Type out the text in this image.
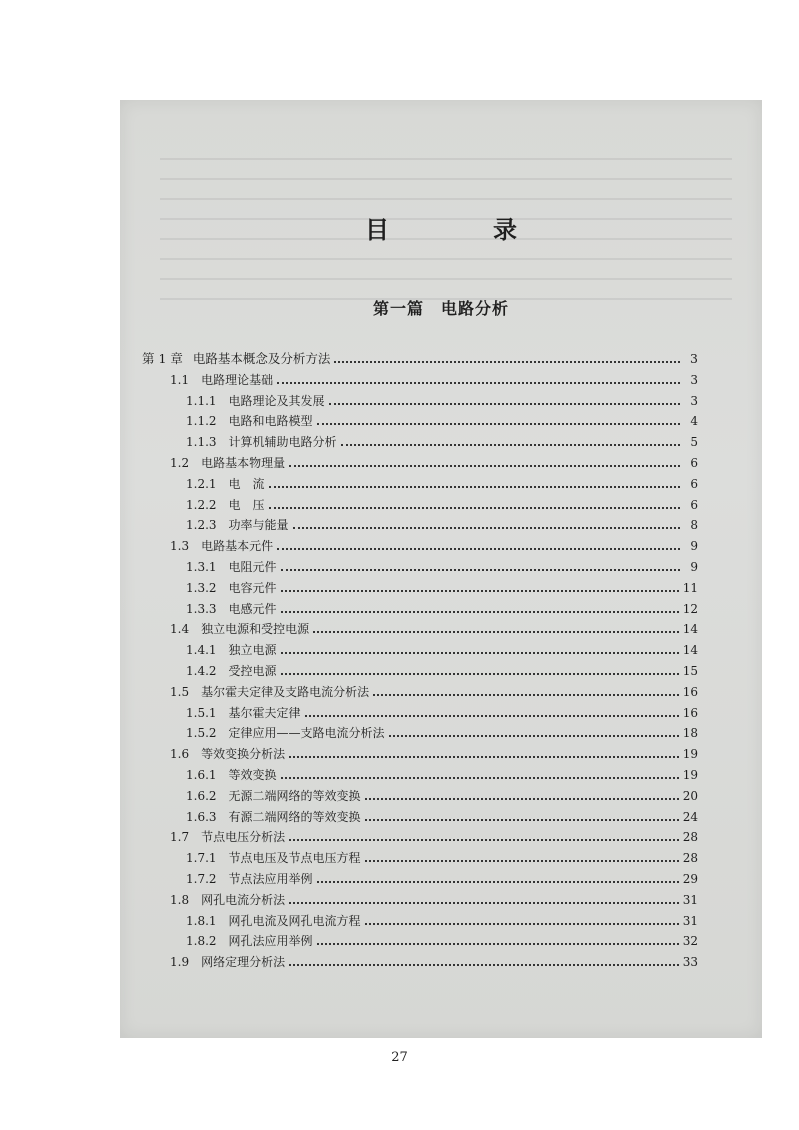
目　录
第一篇　电路分析
第 1 章 电路基本概念及分析方法	3
1.1 电路理论基础	3
1.1.1 电路理论及其发展	3
1.1.2 电路和电路模型	4
1.1.3 计算机辅助电路分析	5
1.2 电路基本物理量	6
1.2.1 电　流	6
1.2.2 电　压	6
1.2.3 功率与能量	8
1.3 电路基本元件	9
1.3.1 电阻元件	9
1.3.2 电容元件	11
1.3.3 电感元件	12
1.4 独立电源和受控电源	14
1.4.1 独立电源	14
1.4.2 受控电源	15
1.5 基尔霍夫定律及支路电流分析法	16
1.5.1 基尔霍夫定律	16
1.5.2 定律应用——支路电流分析法	18
1.6 等效变换分析法	19
1.6.1 等效变换	19
1.6.2 无源二端网络的等效变换	20
1.6.3 有源二端网络的等效变换	24
1.7 节点电压分析法	28
1.7.1 节点电压及节点电压方程	28
1.7.2 节点法应用举例	29
1.8 网孔电流分析法	31
1.8.1 网孔电流及网孔电流方程	31
1.8.2 网孔法应用举例	32
1.9 网络定理分析法	33
27
